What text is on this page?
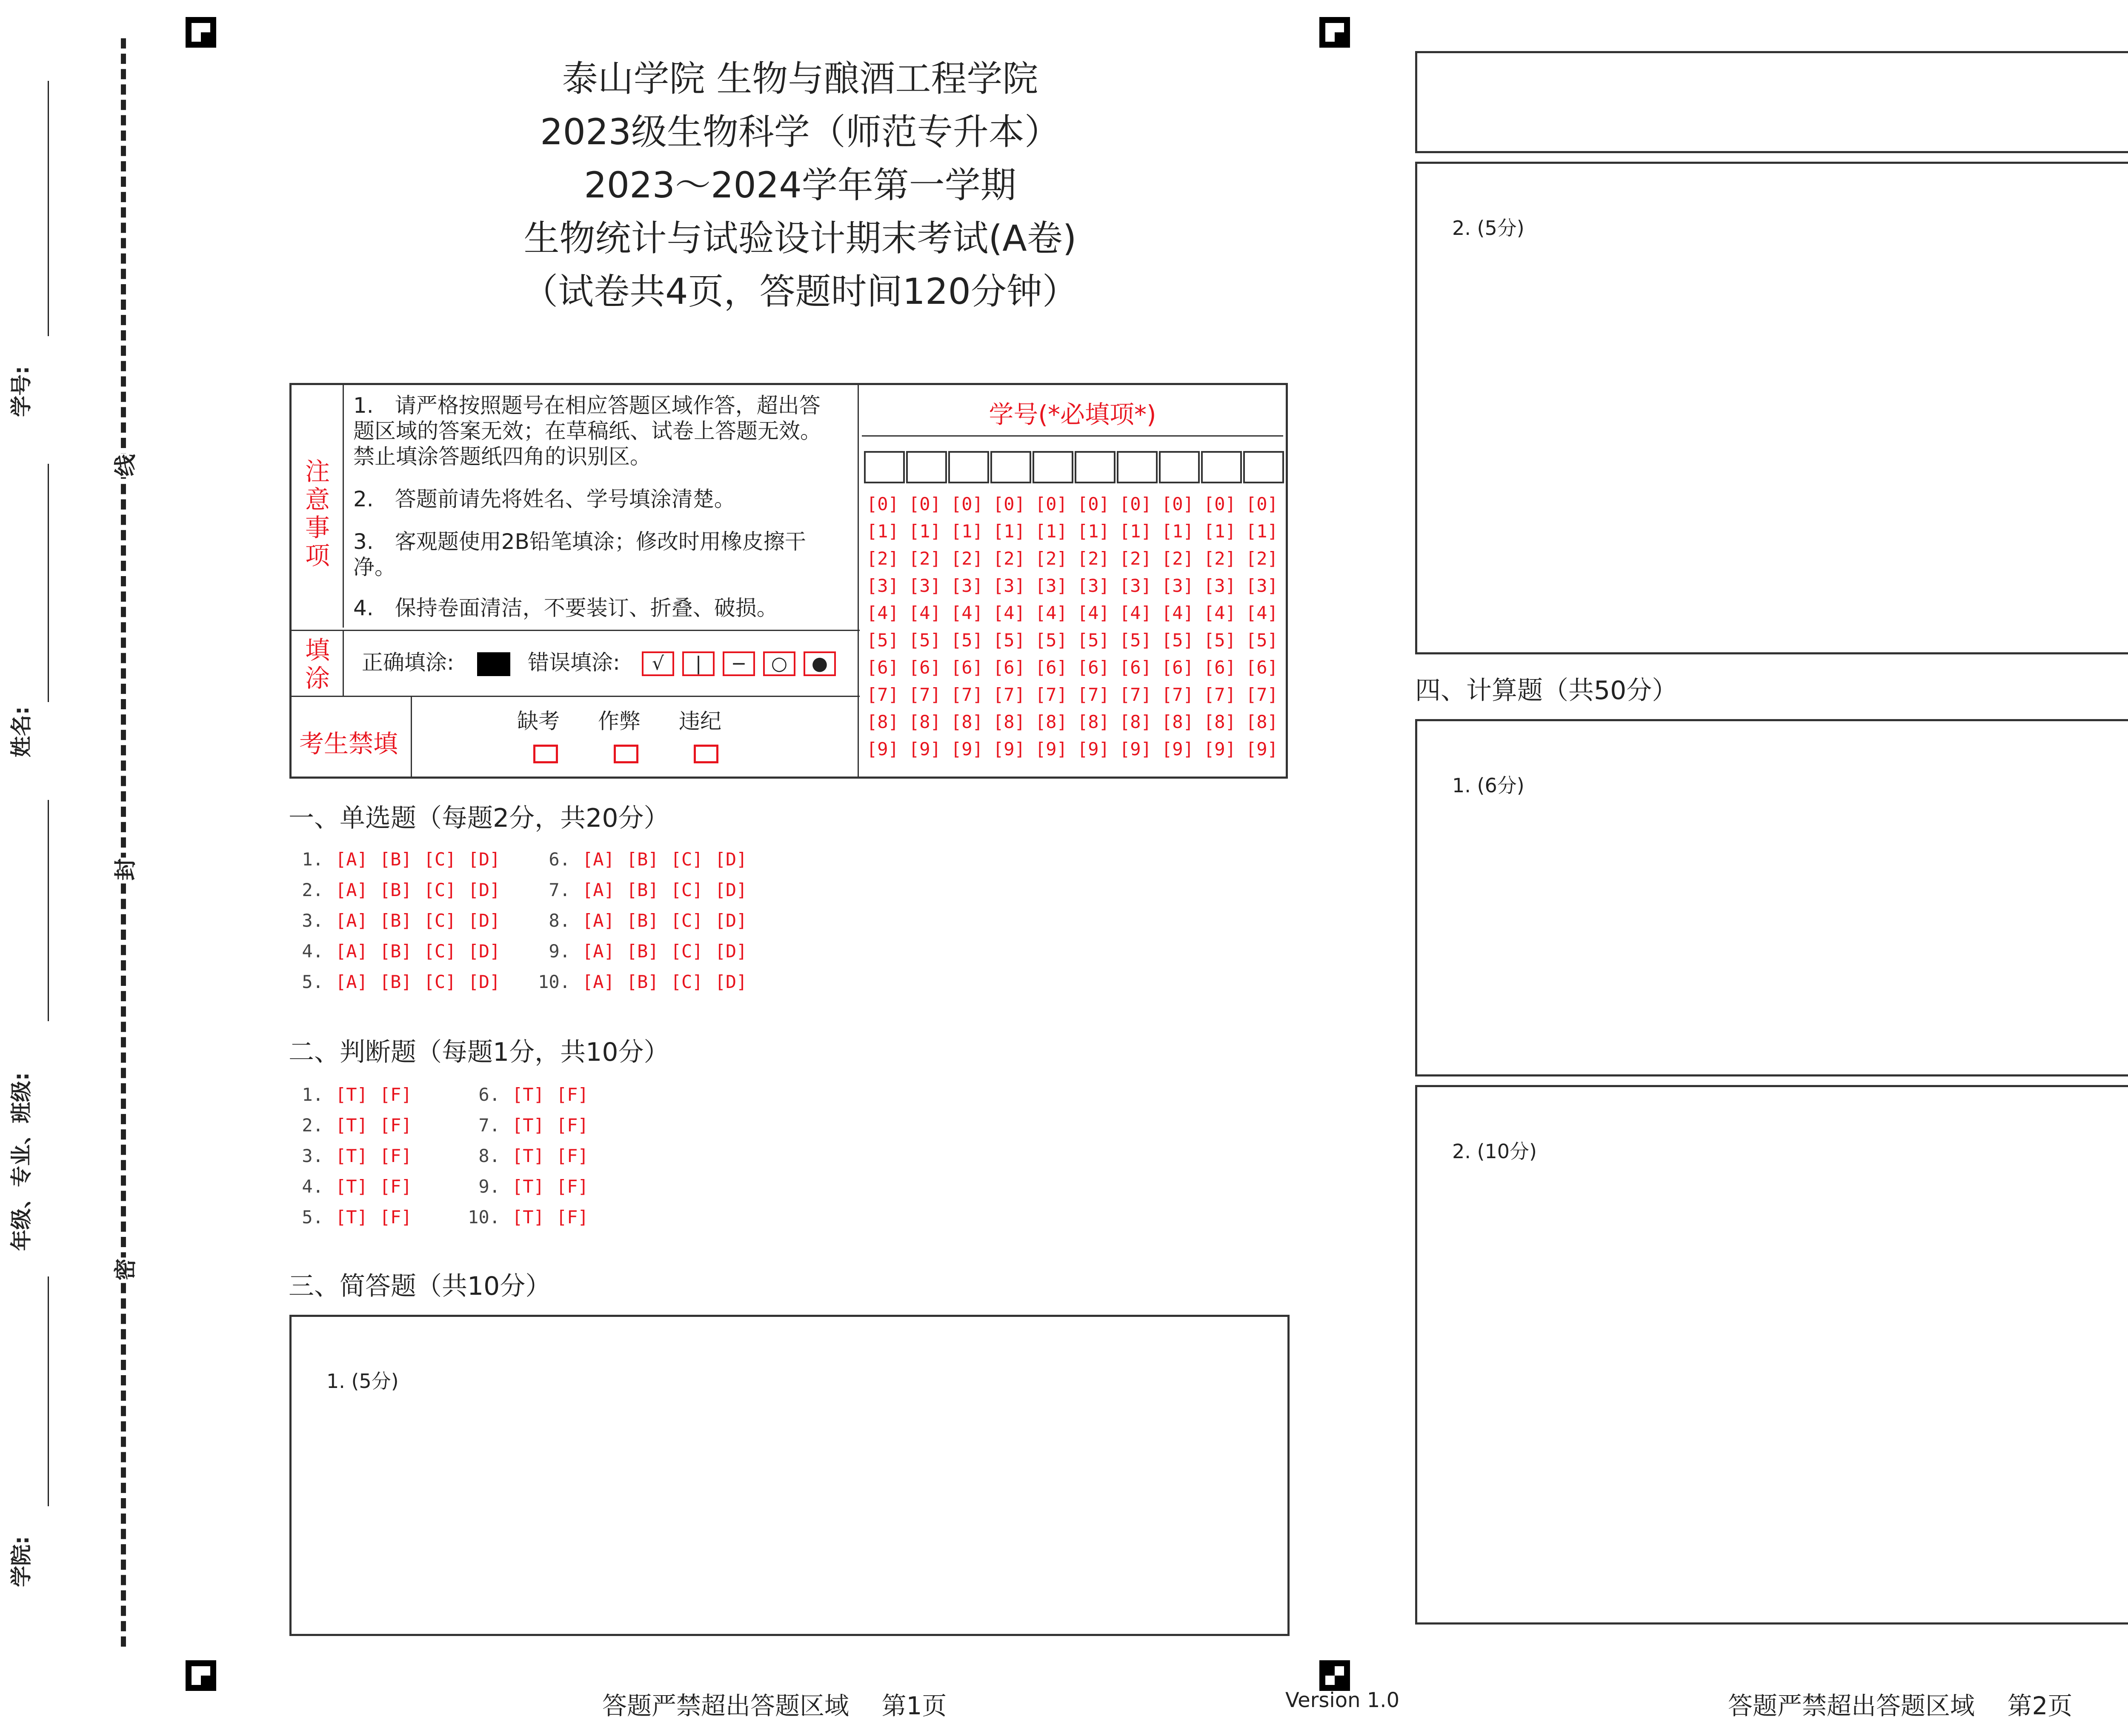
线
封
密
学号:
姓名:
年级、专业、班级:
学院:
泰山学院 生物与酿酒工程学院
2023级生物科学（师范专升本）
2023～2024学年第一学期
生物统计与试验设计期末考试(A卷)
（试卷共4页，答题时间120分钟）
注意事项
1.　请严格按照题号在相应答题区域作答，超出答题区域的答案无效；在草稿纸、试卷上答题无效。禁止填涂答题纸四角的识别区。
2.　答题前请先将姓名、学号填涂清楚。
3.　客观题使用2B铅笔填涂；修改时用橡皮擦干净。
4.　保持卷面清洁，不要装订、折叠、破损。
填涂
正确填涂:	错误填涂:	√	|	−	○	●
考生禁填
缺考 作弊 违纪
学号(*必填项*)
[0] [0] [0] [0] [0] [0] [0] [0] [0] [0]
[1] [1] [1] [1] [1] [1] [1] [1] [1] [1]
[2] [2] [2] [2] [2] [2] [2] [2] [2] [2]
[3] [3] [3] [3] [3] [3] [3] [3] [3] [3]
[4] [4] [4] [4] [4] [4] [4] [4] [4] [4]
[5] [5] [5] [5] [5] [5] [5] [5] [5] [5]
[6] [6] [6] [6] [6] [6] [6] [6] [6] [6]
[7] [7] [7] [7] [7] [7] [7] [7] [7] [7]
[8] [8] [8] [8] [8] [8] [8] [8] [8] [8]
[9] [9] [9] [9] [9] [9] [9] [9] [9] [9]
一、单选题（每题2分，共20分）
1. [A] [B] [C] [D]
2. [A] [B] [C] [D]
3. [A] [B] [C] [D]
4. [A] [B] [C] [D]
5. [A] [B] [C] [D]
6. [A] [B] [C] [D]
7. [A] [B] [C] [D]
8. [A] [B] [C] [D]
9. [A] [B] [C] [D]
10. [A] [B] [C] [D]
二、判断题（每题1分，共10分）
1. [T] [F]
2. [T] [F]
3. [T] [F]
4. [T] [F]
5. [T] [F]
6. [T] [F]
7. [T] [F]
8. [T] [F]
9. [T] [F]
10. [T] [F]
三、简答题（共10分）
1. (5分)
2. (5分)
四、计算题（共50分）
1. (6分)
2. (10分)
答题严禁超出答题区域　 第1页	Version 1.0	答题严禁超出答题区域　 第2页
